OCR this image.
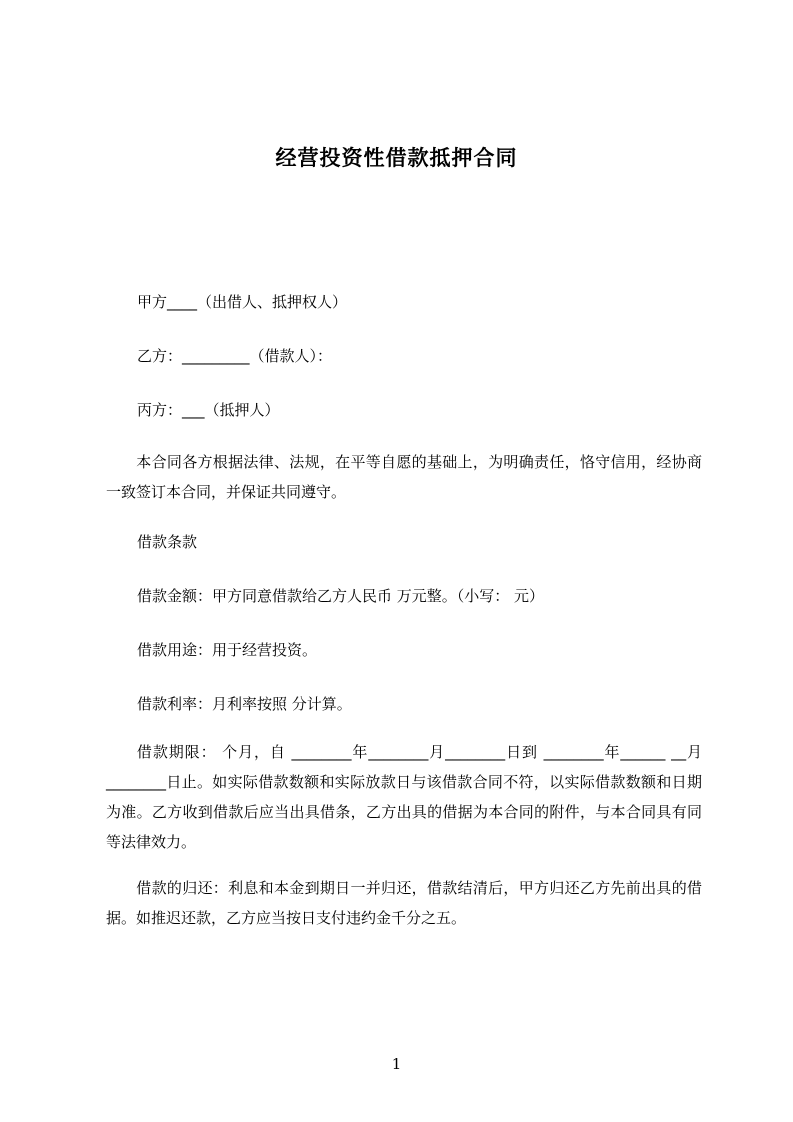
经营投资性借款抵押合同
甲方____（出借人、抵押权人）
乙方：_________（借款人）：
丙方：___（抵押人）
本合同各方根据法律、法规，在平等自愿的基础上，为明确责任，恪守信用，经协商一致签订本合同，并保证共同遵守。
借款条款
借款金额：甲方同意借款给乙方人民币 万元整。（小写： 元）
借款用途：用于经营投资。
借款利率：月利率按照 分计算。
借款期限： 个月，自 ________年________月________日到 ________年______ __月________日止。如实际借款数额和实际放款日与该借款合同不符，以实际借款数额和日期为准。乙方收到借款后应当出具借条，乙方出具的借据为本合同的附件，与本合同具有同等法律效力。
借款的归还：利息和本金到期日一并归还，借款结清后，甲方归还乙方先前出具的借据。如推迟还款，乙方应当按日支付违约金千分之五。
1
